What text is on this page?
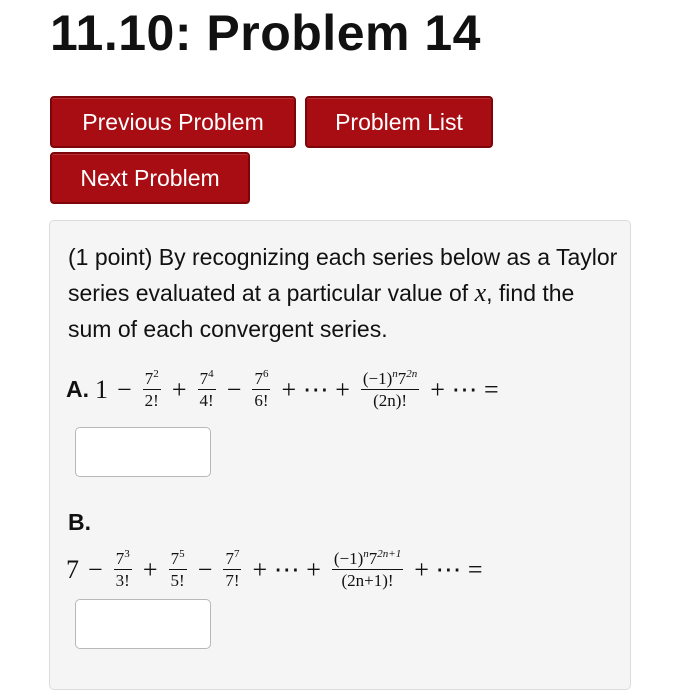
11.10: Problem 14
Previous Problem	Problem List
Next Problem

(1 point) By recognizing each series below as a Taylor series evaluated at a particular value of x, find the sum of each convergent series.

A. $1 - \frac{7^2}{2!} + \frac{7^4}{4!} - \frac{7^6}{6!}$ + ⋯ + $\frac{(-1)^n7^{2n}}{(2n)!}$ + ⋯ =
B.
$7 - \frac{7^3}{3!} + \frac{7^5}{5!} - \frac{7^7}{7!}$ + ⋯ + $\frac{(-1)^n7^{2n+1}}{(2n+1)!}$ + ⋯ =
